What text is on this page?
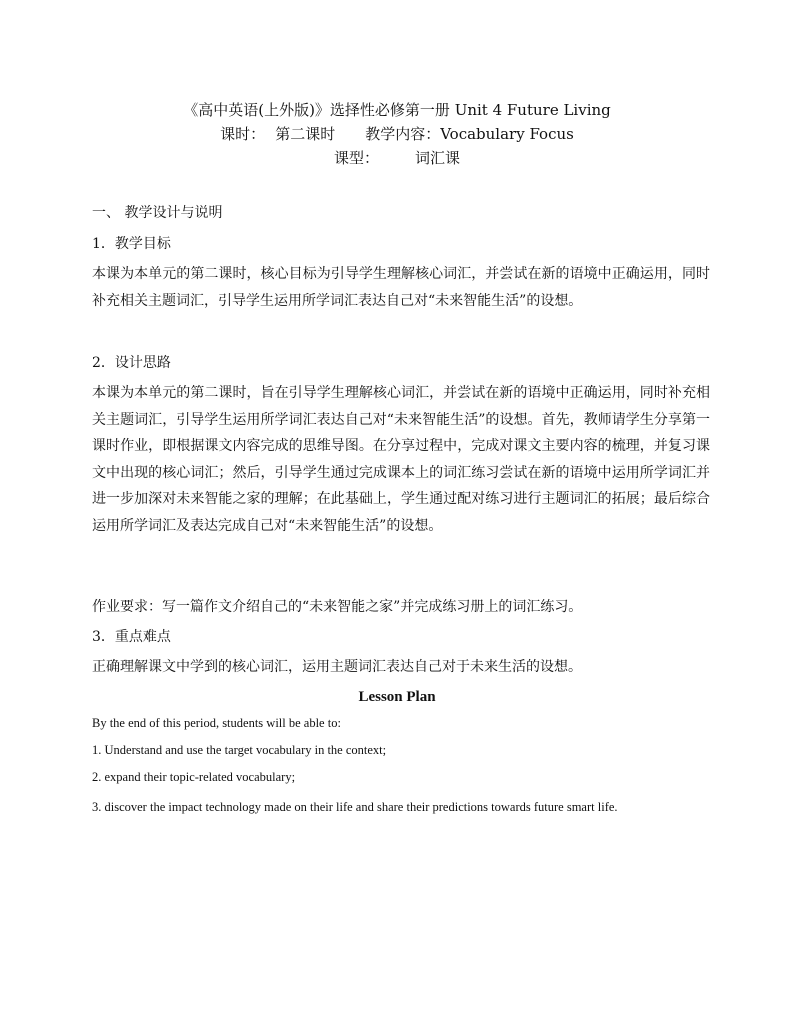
《高中英语(上外版)》选择性必修第一册 Unit 4 Future Living
课时： 第二课时 教学内容：Vocabulary Focus
课型： 词汇课
一、 教学设计与说明
1．教学目标
本课为本单元的第二课时，核心目标为引导学生理解核心词汇，并尝试在新的语境中正确运用，同时补充相关主题词汇，引导学生运用所学词汇表达自己对“未来智能生活”的设想。
2．设计思路
本课为本单元的第二课时，旨在引导学生理解核心词汇，并尝试在新的语境中正确运用，同时补充相关主题词汇，引导学生运用所学词汇表达自己对“未来智能生活”的设想。首先，教师请学生分享第一课时作业，即根据课文内容完成的思维导图。在分享过程中，完成对课文主要内容的梳理，并复习课文中出现的核心词汇；然后，引导学生通过完成课本上的词汇练习尝试在新的语境中运用所学词汇并进一步加深对未来智能之家的理解；在此基础上，学生通过配对练习进行主题词汇的拓展；最后综合运用所学词汇及表达完成自己对“未来智能生活”的设想。
作业要求：写一篇作文介绍自己的“未来智能之家”并完成练习册上的词汇练习。
3．重点难点
正确理解课文中学到的核心词汇，运用主题词汇表达自己对于未来生活的设想。
Lesson Plan
By the end of this period, students will be able to:
1. Understand and use the target vocabulary in the context;
2. expand their topic-related vocabulary;
3. discover the impact technology made on their life and share their predictions towards future smart life.
